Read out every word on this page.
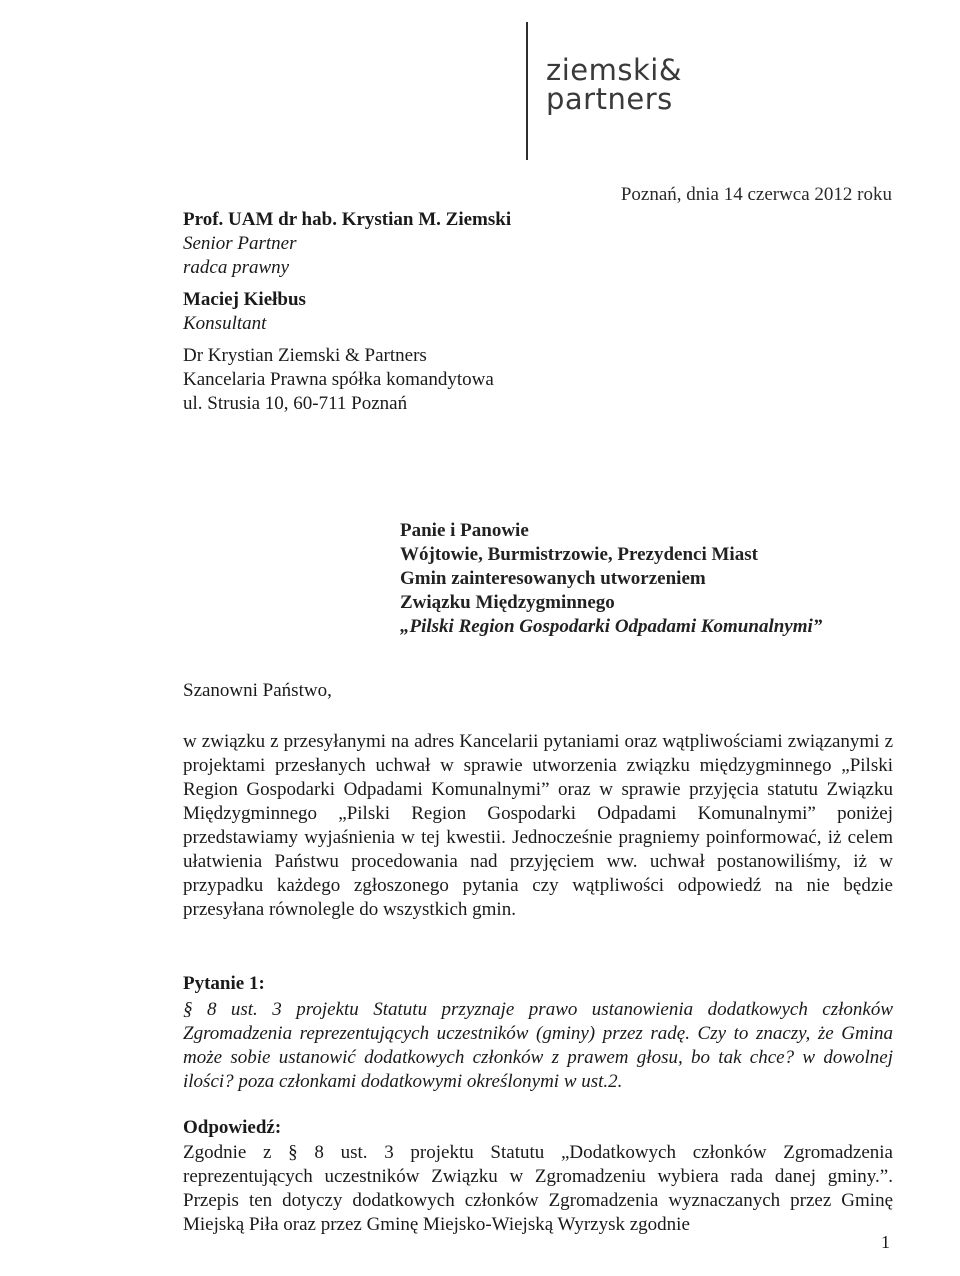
ziemski&
partners
Poznań, dnia 14 czerwca 2012 roku
Prof. UAM dr hab. Krystian M. Ziemski
Senior Partner
radca prawny
Maciej Kiełbus
Konsultant
Dr Krystian Ziemski & Partners
Kancelaria Prawna spółka komandytowa
ul. Strusia 10, 60-711 Poznań
Panie i Panowie
Wójtowie, Burmistrzowie, Prezydenci Miast
Gmin zainteresowanych utworzeniem
Związku Międzygminnego
„Pilski Region Gospodarki Odpadami Komunalnymi”
Szanowni Państwo,

w związku z przesyłanymi na adres Kancelarii pytaniami oraz wątpliwościami związanymi z projektami przesłanych uchwał w sprawie utworzenia związku międzygminnego „Pilski Region Gospodarki Odpadami Komunalnymi” oraz w sprawie przyjęcia statutu Związku Międzygminnego „Pilski Region Gospodarki Odpadami Komunalnymi” poniżej przedstawiamy wyjaśnienia w tej kwestii. Jednocześnie pragniemy poinformować, iż celem ułatwienia Państwu procedowania nad przyjęciem ww. uchwał postanowiliśmy, iż w przypadku każdego zgłoszonego pytania czy wątpliwości odpowiedź na nie będzie przesyłana równolegle do wszystkich gmin.

Pytanie 1:

§ 8 ust. 3 projektu Statutu przyznaje prawo ustanowienia dodatkowych członków Zgromadzenia reprezentujących uczestników (gminy) przez radę. Czy to znaczy, że Gmina może sobie ustanowić dodatkowych członków z prawem głosu, bo tak chce? w dowolnej ilości? poza członkami dodatkowymi określonymi w ust.2.

Odpowiedź:

Zgodnie z § 8 ust. 3 projektu Statutu „Dodatkowych członków Zgromadzenia reprezentujących uczestników Związku w Zgromadzeniu wybiera rada danej gminy.”. Przepis ten dotyczy dodatkowych członków Zgromadzenia wyznaczanych przez Gminę Miejską Piła oraz przez Gminę Miejsko-Wiejską Wyrzysk zgodnie

1
